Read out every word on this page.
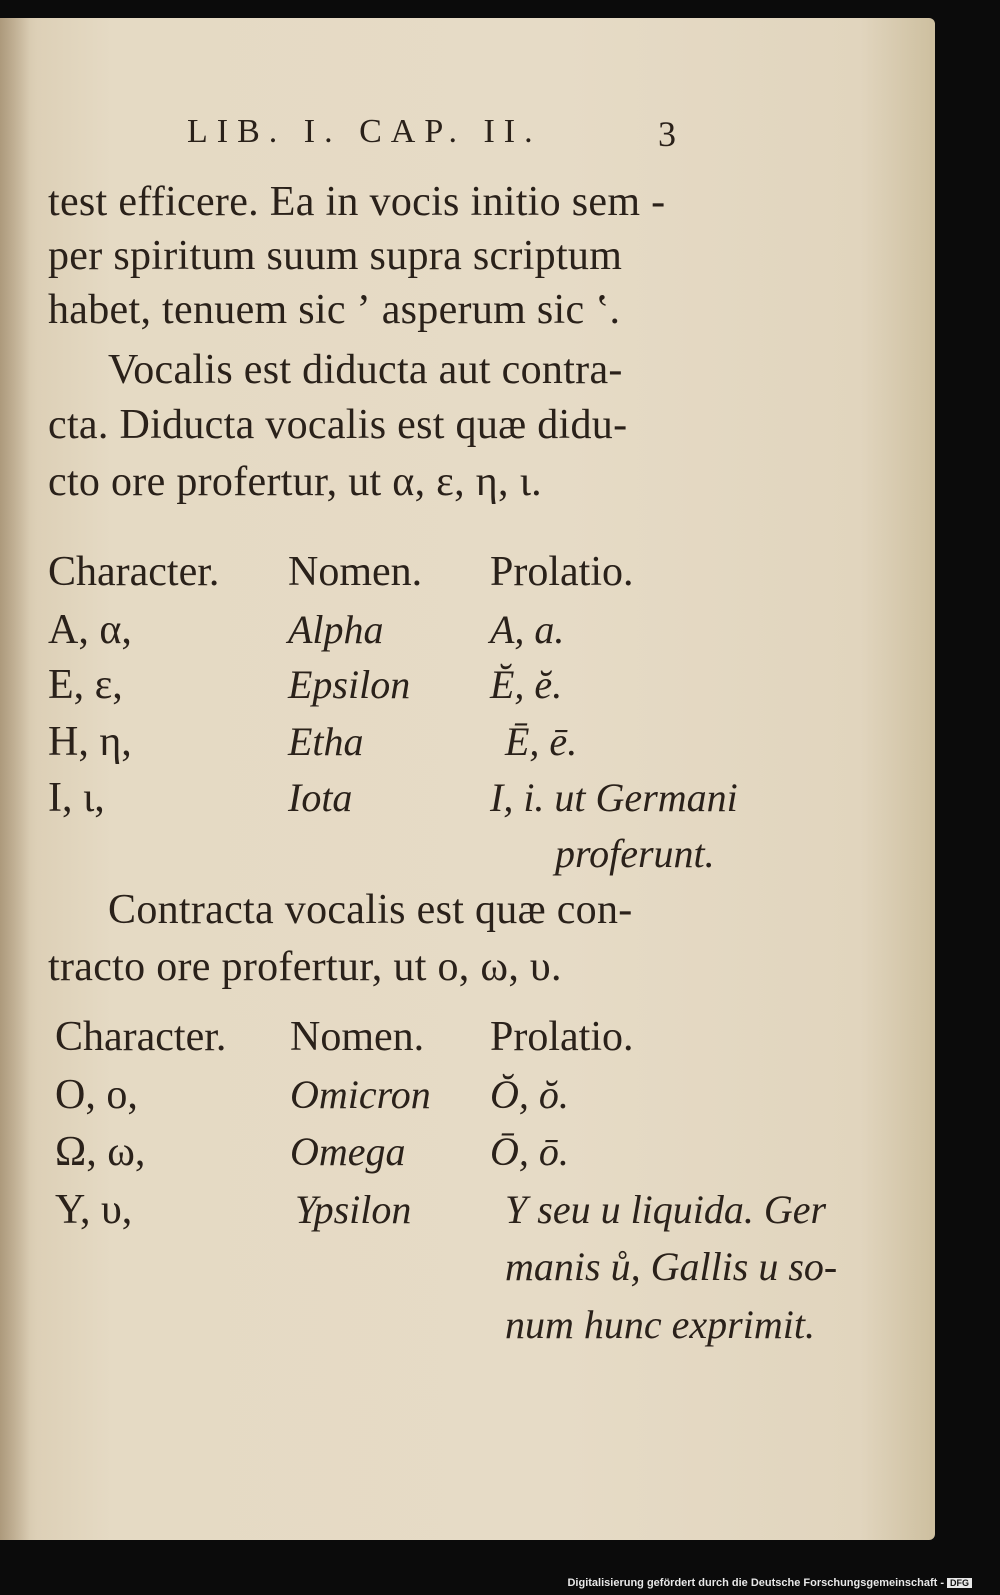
LIB. I. CAP. II.	3
test efficere. Ea in vocis initio sem -
per spiritum suum supra scriptum
habet, tenuem sic ʼ asperum sic ʽ.
Vocalis est diducta aut contra-
cta. Diducta vocalis est quæ didu-
cto ore profertur, ut α, ε, η, ι.
Character. Nomen. Prolatio.
Α, α,	Alpha	A, a.
Ε, ε,	Epsilon Ĕ, ĕ.
Η, η,	Etha	Ē, ē.
Ι, ι,	Iota	I, i. ut Germani
proferunt.
Contracta vocalis est quæ con-
tracto ore profertur, ut ο, ω, υ.
Character. Nomen. Prolatio.
Ο, ο,	Omicron Ŏ, ŏ.
Ω, ω,	Omega Ō, ō.
Υ, υ,	Ypsilon Y seu u liquida. Ger
manis ů, Gallis u so-
num hunc exprimit.
Digitalisierung gefördert durch die Deutsche Forschungsgemeinschaft - DFG
